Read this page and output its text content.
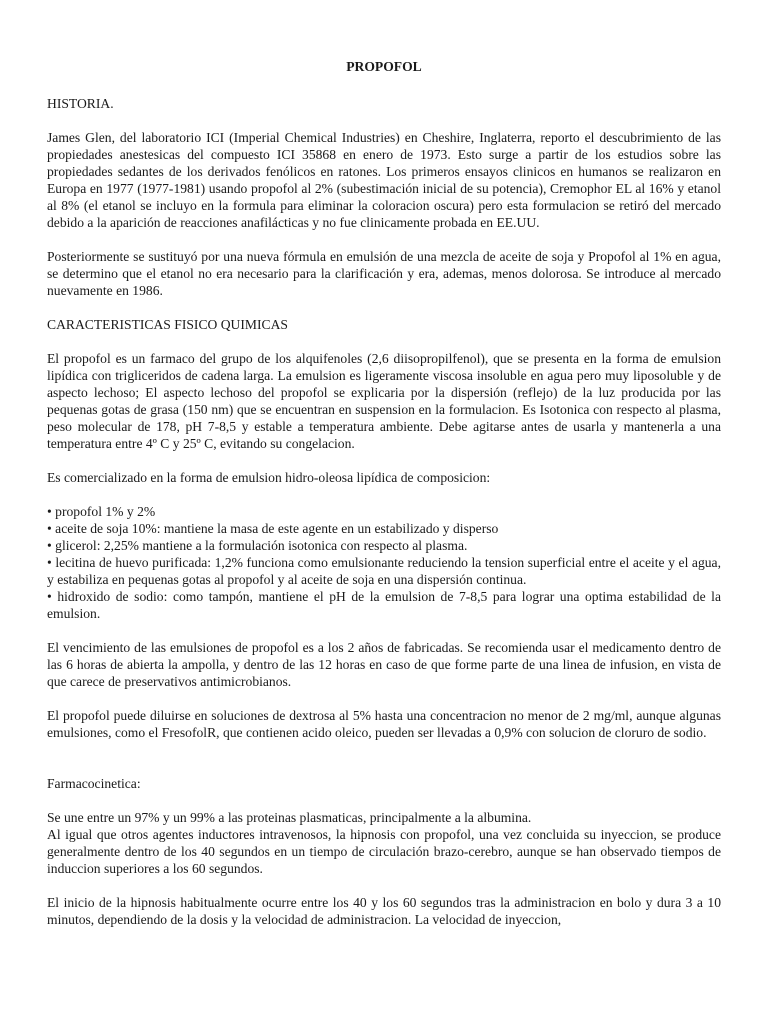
PROPOFOL
HISTORIA.

James Glen, del laboratorio ICI (Imperial Chemical Industries) en Cheshire, Inglaterra, reporto el descubrimiento de las propiedades anestesicas del compuesto ICI 35868 en enero de 1973. Esto surge a partir de los estudios sobre las propiedades sedantes de los derivados fenólicos en ratones. Los primeros ensayos clinicos en humanos se realizaron en Europa en 1977 (1977-1981) usando propofol al 2% (subestimación inicial de su potencia), Cremophor EL al 16% y etanol al 8% (el etanol se incluyo en la formula para eliminar la coloracion oscura) pero esta formulacion se retiró del mercado debido a la aparición de reacciones anafilácticas y no fue clinicamente probada en EE.UU.

Posteriormente se sustituyó por una nueva fórmula en emulsión de una mezcla de aceite de soja y Propofol al 1% en agua, se determino que el etanol no era necesario para la clarificación y era, ademas, menos dolorosa. Se introduce al mercado nuevamente en 1986.

CARACTERISTICAS FISICO QUIMICAS

El propofol es un farmaco del grupo de los alquifenoles (2,6 diisopropilfenol), que se presenta en la forma de emulsion lipídica con trigliceridos de cadena larga. La emulsion es ligeramente viscosa insoluble en agua pero muy liposoluble y de aspecto lechoso; El aspecto lechoso del propofol se explicaria por la dispersión (reflejo) de la luz producida por las pequenas gotas de grasa (150 nm) que se encuentran en suspension en la formulacion. Es Isotonica con respecto al plasma, peso molecular de 178, pH 7-8,5 y estable a temperatura ambiente. Debe agitarse antes de usarla y mantenerla a una temperatura entre 4º C y 25º C, evitando su congelacion.

Es comercializado en la forma de emulsion hidro-oleosa lipídica de composicion:

• propofol 1% y 2%
• aceite de soja 10%: mantiene la masa de este agente en un estabilizado y disperso
• glicerol: 2,25% mantiene a la formulación isotonica con respecto al plasma.
• lecitina de huevo purificada: 1,2% funciona como emulsionante reduciendo la tension superficial entre el aceite y el agua, y estabiliza en pequenas gotas al propofol y al aceite de soja en una dispersión continua.
• hidroxido de sodio: como tampón, mantiene el pH de la emulsion de 7-8,5 para lograr una optima estabilidad de la emulsion.

El vencimiento de las emulsiones de propofol es a los 2 años de fabricadas. Se recomienda usar el medicamento dentro de las 6 horas de abierta la ampolla, y dentro de las 12 horas en caso de que forme parte de una linea de infusion, en vista de que carece de preservativos antimicrobianos.

El propofol puede diluirse en soluciones de dextrosa al 5% hasta una concentracion no menor de 2 mg/ml, aunque algunas emulsiones, como el FresofolR, que contienen acido oleico, pueden ser llevadas a 0,9% con solucion de cloruro de sodio.

Farmacocinetica:

Se une entre un 97% y un 99% a las proteinas plasmaticas, principalmente a la albumina.

Al igual que otros agentes inductores intravenosos, la hipnosis con propofol, una vez concluida su inyeccion, se produce generalmente dentro de los 40 segundos en un tiempo de circulación brazo-cerebro, aunque se han observado tiempos de induccion superiores a los 60 segundos.

El inicio de la hipnosis habitualmente ocurre entre los 40 y los 60 segundos tras la administracion en bolo y dura 3 a 10 minutos, dependiendo de la dosis y la velocidad de administracion. La velocidad de inyeccion,
